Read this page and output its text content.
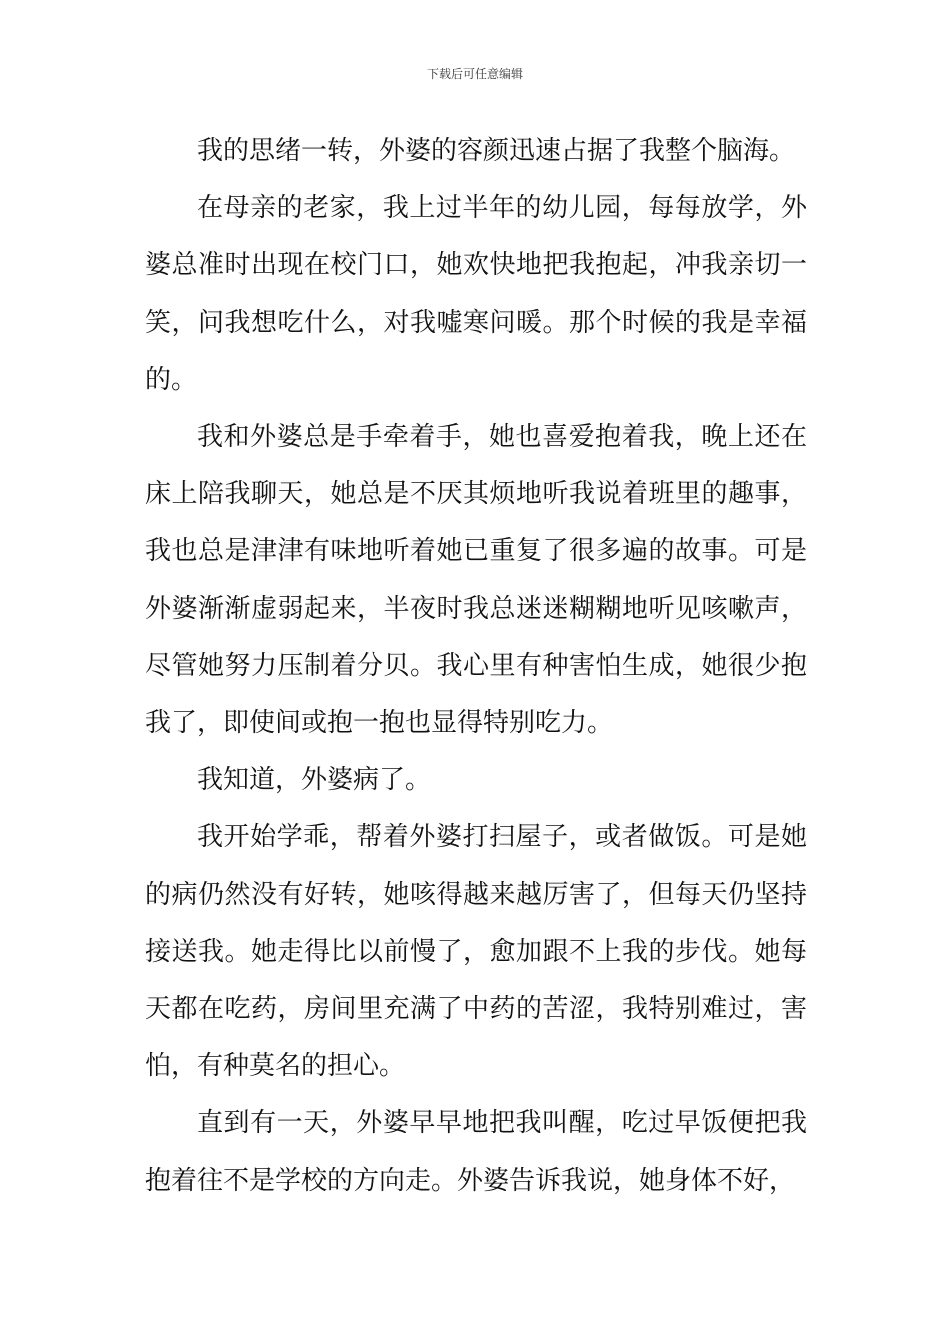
下载后可任意编辑

我的思绪一转，外婆的容颜迅速占据了我整个脑海。

在母亲的老家，我上过半年的幼儿园，每每放学，外婆总准时出现在校门口，她欢快地把我抱起，冲我亲切一笑，问我想吃什么，对我嘘寒问暖。那个时候的我是幸福的。

我和外婆总是手牵着手，她也喜爱抱着我，晚上还在床上陪我聊天，她总是不厌其烦地听我说着班里的趣事，我也总是津津有味地听着她已重复了很多遍的故事。可是外婆渐渐虚弱起来，半夜时我总迷迷糊糊地听见咳嗽声，尽管她努力压制着分贝。我心里有种害怕生成，她很少抱我了，即使间或抱一抱也显得特别吃力。

我知道，外婆病了。

我开始学乖，帮着外婆打扫屋子，或者做饭。可是她的病仍然没有好转，她咳得越来越厉害了，但每天仍坚持接送我。她走得比以前慢了，愈加跟不上我的步伐。她每天都在吃药，房间里充满了中药的苦涩，我特别难过，害怕，有种莫名的担心。

直到有一天，外婆早早地把我叫醒，吃过早饭便把我抱着往不是学校的方向走。外婆告诉我说，她身体不好，
